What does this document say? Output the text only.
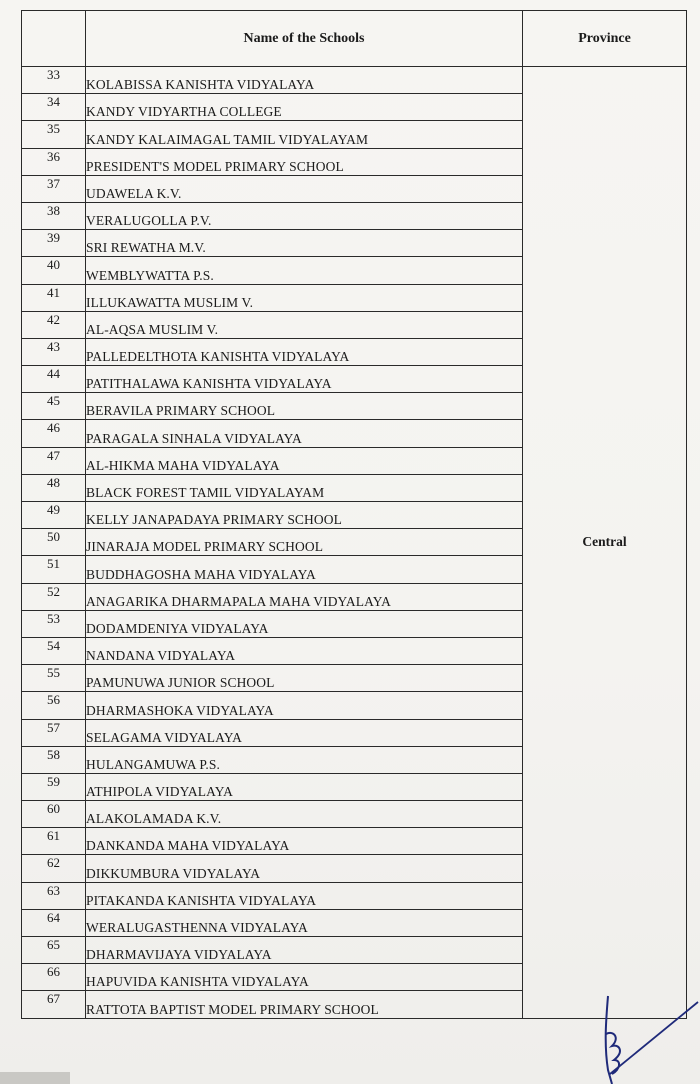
	Name of the Schools	Province
33	KOLABISSA KANISHTA VIDYALAYA	Central
34	KANDY VIDYARTHA COLLEGE	
35	KANDY KALAIMAGAL TAMIL VIDYALAYAM	
36	PRESIDENT'S MODEL PRIMARY SCHOOL	
37	UDAWELA K.V.	
38	VERALUGOLLA P.V.	
39	SRI REWATHA M.V.	
40	WEMBLYWATTA P.S.	
41	ILLUKAWATTA MUSLIM V.	
42	AL-AQSA MUSLIM V.	
43	PALLEDELTHOTA KANISHTA VIDYALAYA	
44	PATITHALAWA KANISHTA VIDYALAYA	
45	BERAVILA PRIMARY SCHOOL	
46	PARAGALA SINHALA VIDYALAYA	
47	AL-HIKMA MAHA VIDYALAYA	
48	BLACK FOREST TAMIL VIDYALAYAM	
49	KELLY JANAPADAYA PRIMARY SCHOOL	
50	JINARAJA MODEL PRIMARY SCHOOL	
51	BUDDHAGOSHA MAHA VIDYALAYA	
52	ANAGARIKA DHARMAPALA MAHA VIDYALAYA	
53	DODAMDENIYA VIDYALAYA	
54	NANDANA VIDYALAYA	
55	PAMUNUWA JUNIOR SCHOOL	
56	DHARMASHOKA VIDYALAYA	
57	SELAGAMA VIDYALAYA	
58	HULANGAMUWA P.S.	
59	ATHIPOLA VIDYALAYA	
60	ALAKOLAMADA K.V.	
61	DANKANDA MAHA VIDYALAYA	
62	DIKKUMBURA VIDYALAYA	
63	PITAKANDA KANISHTA VIDYALAYA	
64	WERALUGASTHENNA VIDYALAYA	
65	DHARMAVIJAYA VIDYALAYA	
66	HAPUVIDA KANISHTA VIDYALAYA	
67	RATTOTA BAPTIST MODEL PRIMARY SCHOOL	
